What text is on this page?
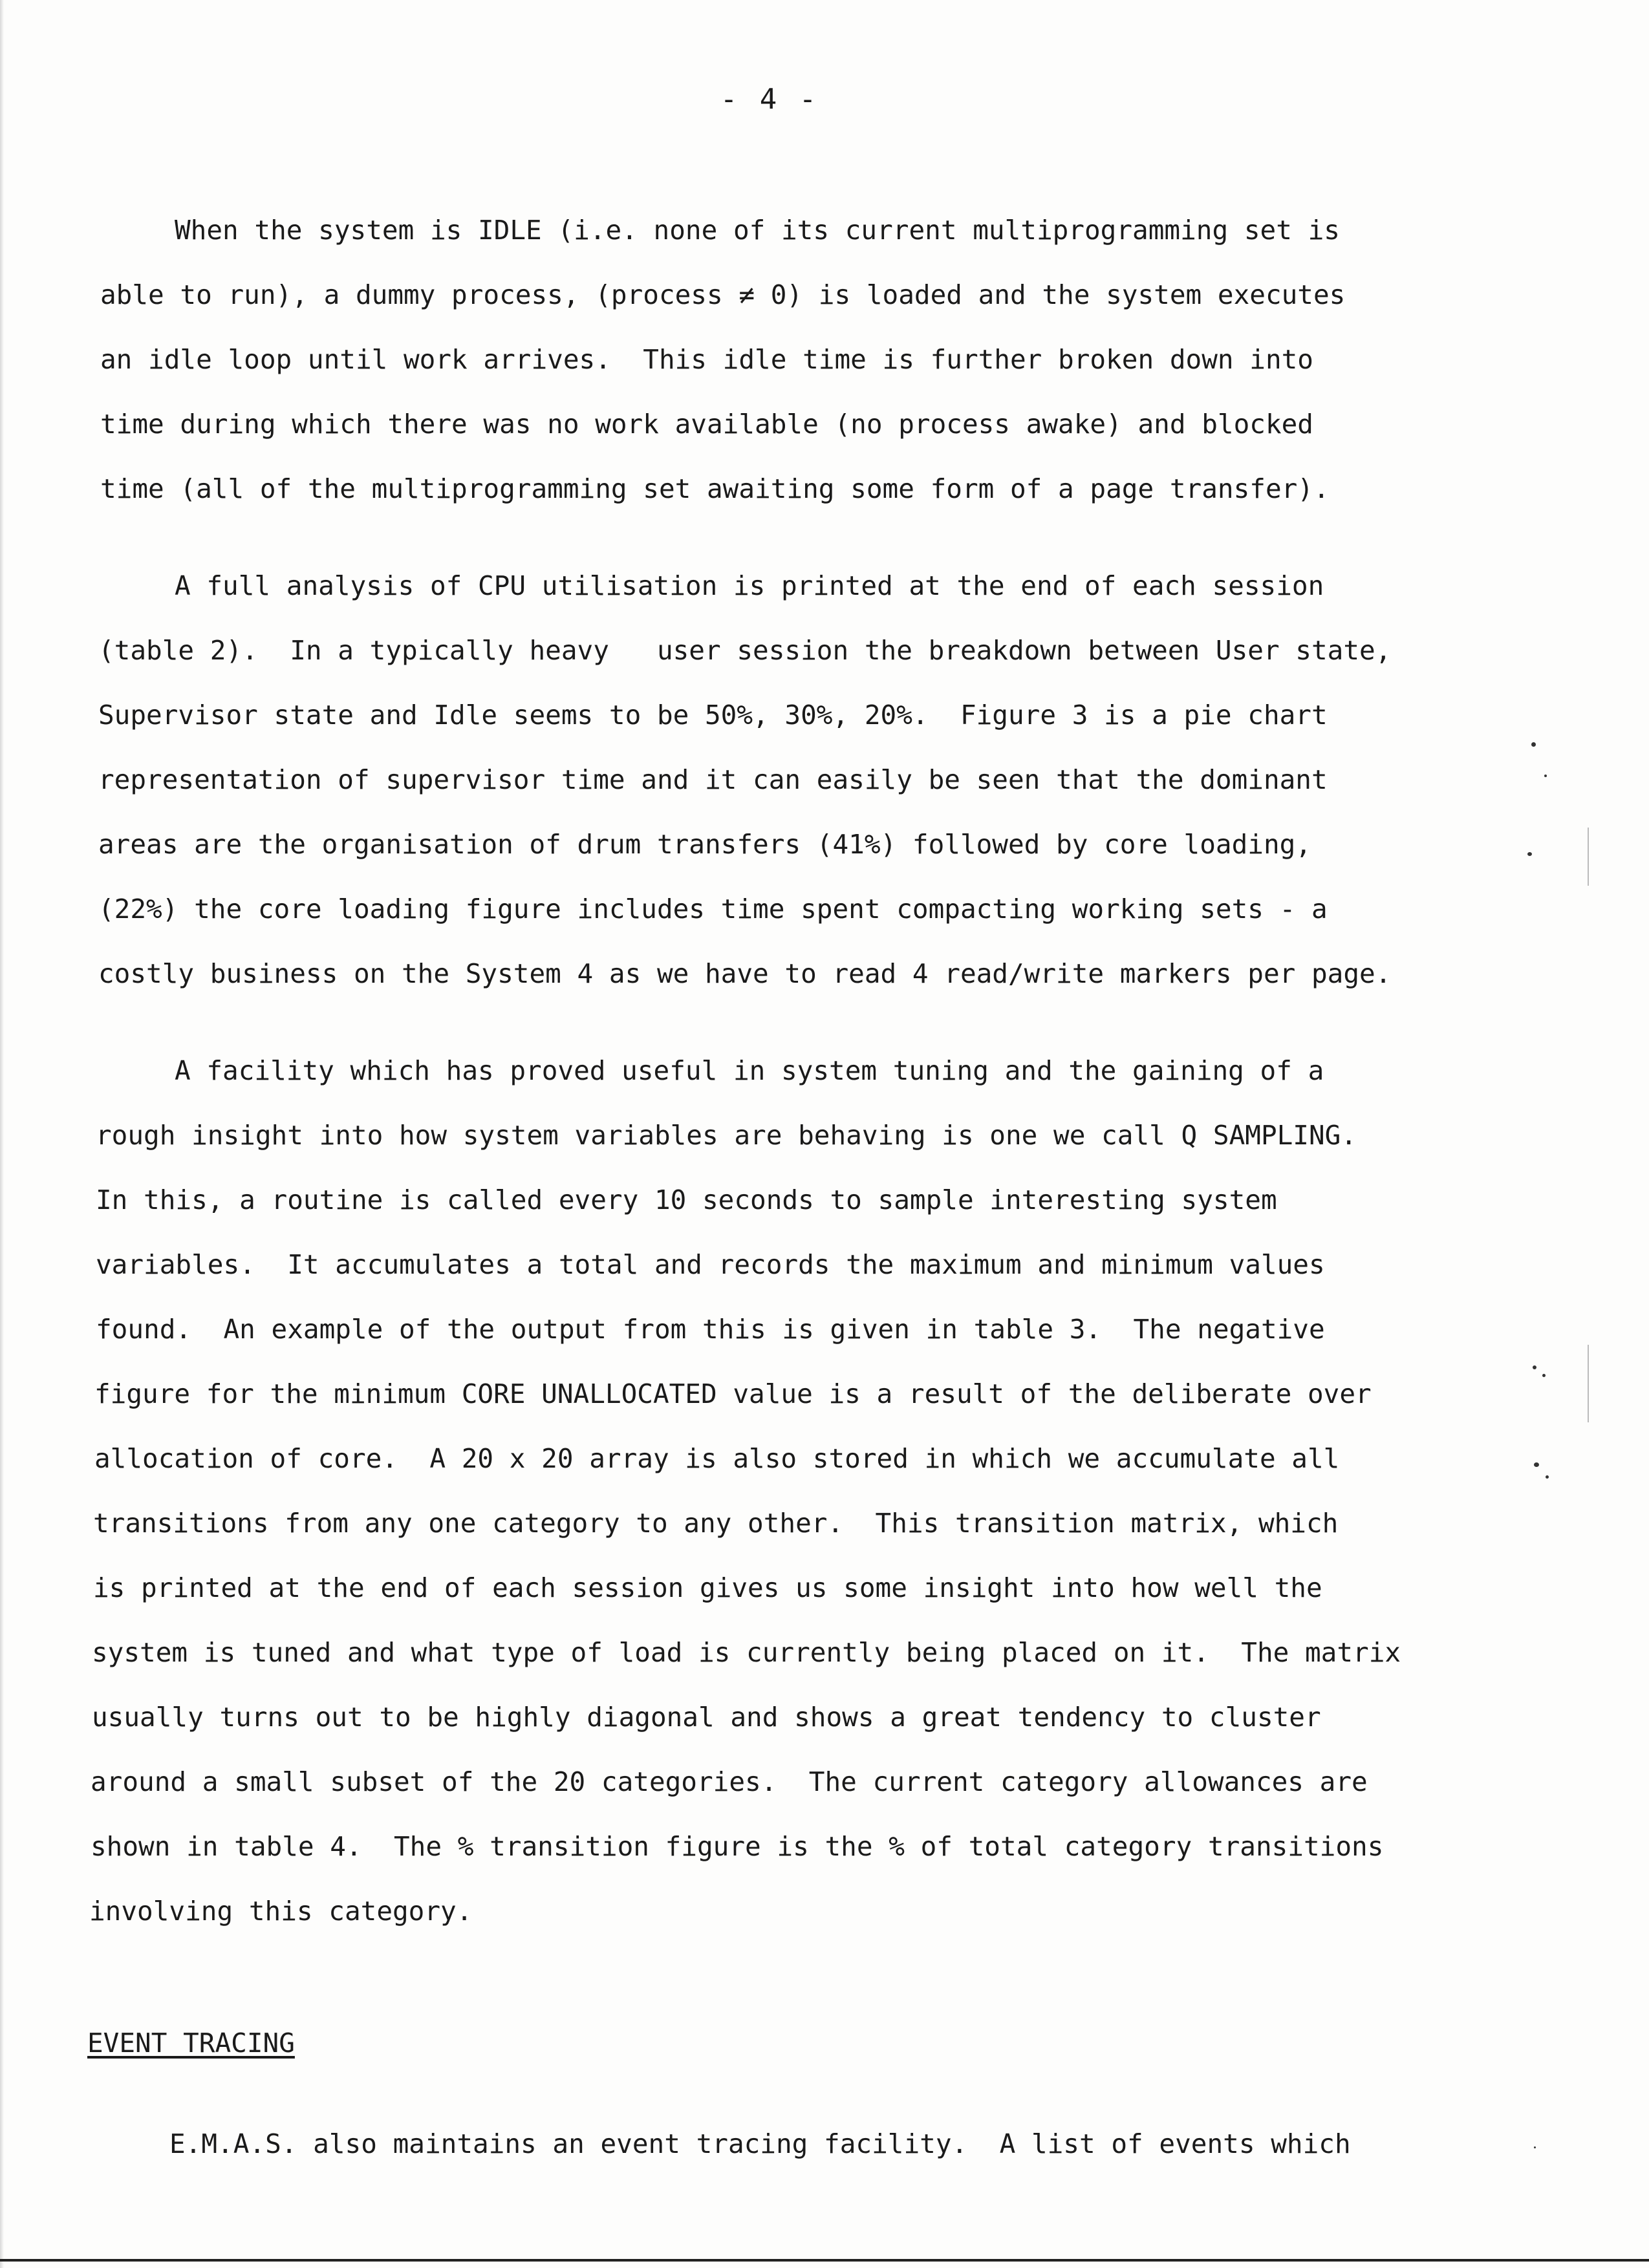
- 4 -
When the system is IDLE (i.e. none of its current multiprogramming set is
able to run), a dummy process, (process ≠ 0) is loaded and the system executes
an idle loop until work arrives.  This idle time is further broken down into
time during which there was no work available (no process awake) and blocked
time (all of the multiprogramming set awaiting some form of a page transfer).
A full analysis of CPU utilisation is printed at the end of each session
(table 2).  In a typically heavy   user session the breakdown between User state,
Supervisor state and Idle seems to be 50%, 30%, 20%.  Figure 3 is a pie chart
representation of supervisor time and it can easily be seen that the dominant
areas are the organisation of drum transfers (41%) followed by core loading,
(22%) the core loading figure includes time spent compacting working sets - a
costly business on the System 4 as we have to read 4 read/write markers per page.
A facility which has proved useful in system tuning and the gaining of a
rough insight into how system variables are behaving is one we call Q SAMPLING.
In this, a routine is called every 10 seconds to sample interesting system
variables.  It accumulates a total and records the maximum and minimum values
found.  An example of the output from this is given in table 3.  The negative
figure for the minimum CORE UNALLOCATED value is a result of the deliberate over
allocation of core.  A 20 x 20 array is also stored in which we accumulate all
transitions from any one category to any other.  This transition matrix, which
is printed at the end of each session gives us some insight into how well the
system is tuned and what type of load is currently being placed on it.  The matrix
usually turns out to be highly diagonal and shows a great tendency to cluster
around a small subset of the 20 categories.  The current category allowances are
shown in table 4.  The % transition figure is the % of total category transitions
involving this category.
EVENT TRACING
E.M.A.S. also maintains an event tracing facility.  A list of events which
